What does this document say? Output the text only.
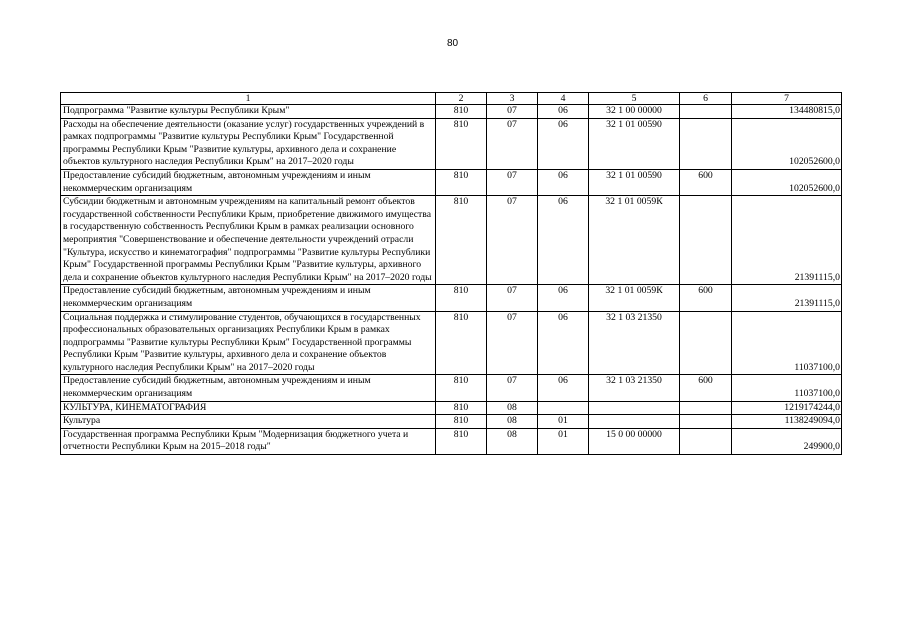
80
1	2	3	4	5	6	7
Подпрограмма "Развитие культуры Республики Крым"	810	07	06	32 1 00 00000		134480815,0
Расходы на обеспечение деятельности (оказание услуг) государственных учреждений в рамках подпрограммы "Развитие культуры Республики Крым" Государственной программы Республики Крым "Развитие культуры, архивного дела и сохранение объектов культурного наследия Республики Крым" на 2017–2020 годы	810	07	06	32 1 01 00590		102052600,0
Предоставление субсидий бюджетным, автономным учреждениям и иным некоммерческим организациям	810	07	06	32 1 01 00590	600	102052600,0
Субсидии бюджетным и автономным учреждениям на капитальный ремонт объектов государственной собственности Республики Крым, приобретение движимого имущества в государственную собственность Республики Крым в рамках реализации основного мероприятия "Совершенствование и обеспечение деятельности учреждений отрасли "Культура, искусство и кинематография" подпрограммы "Развитие культуры Республики Крым" Государственной программы Республики Крым "Развитие культуры, архивного дела и сохранение объектов культурного наследия Республики Крым" на 2017–2020 годы	810	07	06	32 1 01 0059К		21391115,0
Предоставление субсидий бюджетным, автономным учреждениям и иным некоммерческим организациям	810	07	06	32 1 01 0059К	600	21391115,0
Социальная поддержка и стимулирование студентов, обучающихся в государственных профессиональных образовательных организациях Республики Крым в рамках подпрограммы "Развитие культуры Республики Крым" Государственной программы Республики Крым "Развитие культуры, архивного дела и сохранение объектов культурного наследия Республики Крым" на 2017–2020 годы	810	07	06	32 1 03 21350		11037100,0
Предоставление субсидий бюджетным, автономным учреждениям и иным некоммерческим организациям	810	07	06	32 1 03 21350	600	11037100,0
КУЛЬТУРА, КИНЕМАТОГРАФИЯ	810	08				1219174244,0
Культура	810	08	01			1138249094,0
Государственная программа Республики Крым "Модернизация бюджетного учета и отчетности Республики Крым на 2015–2018 годы"	810	08	01	15 0 00 00000		249900,0
